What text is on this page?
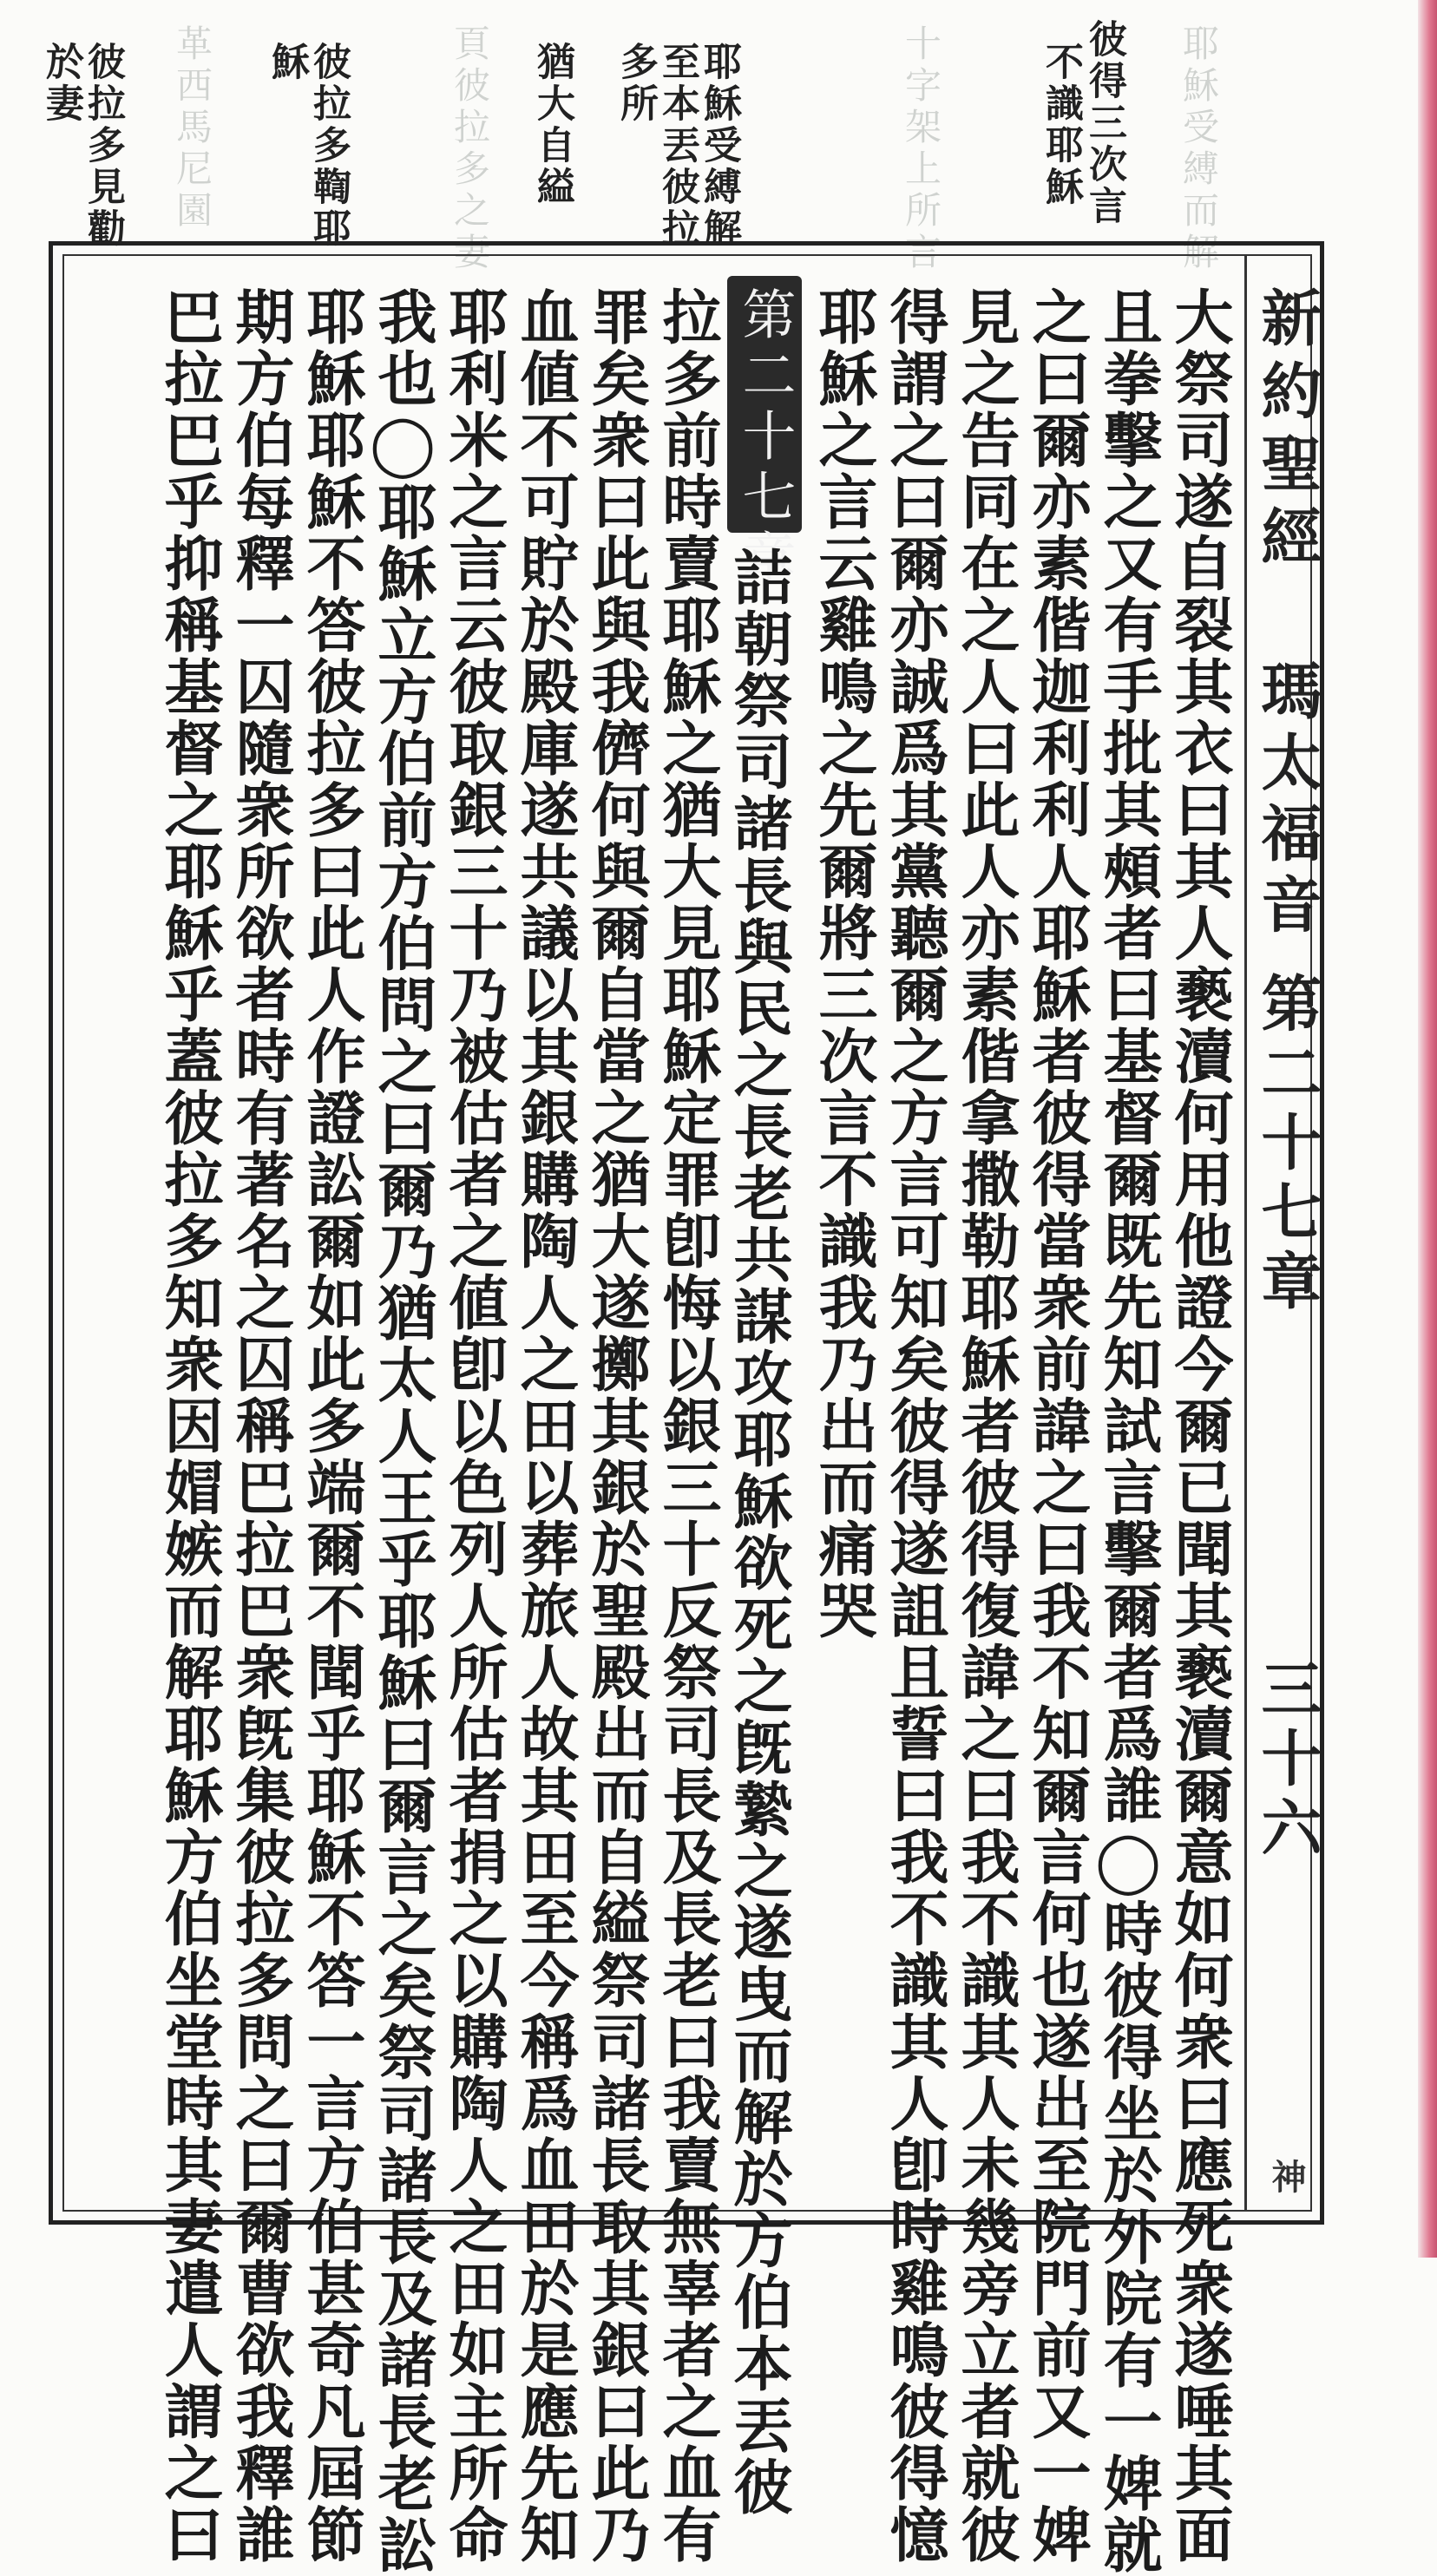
耶穌受縛而解
十字架上所言
頁彼拉多之妻
革西馬尼園	彼得三次言
不識耶穌
耶穌受縛解
至本丟彼拉
多所
猶大自縊
彼拉多鞫耶
穌
彼拉多見勸
於妻
新約聖經
瑪太福音
第二十七章
三十六
大祭司遂自裂其衣曰其人褻瀆何用他證今爾已聞其褻瀆爾意如何衆曰應死衆遂唾其面
且拳擊之又有手批其頰者曰基督爾既先知試言擊爾者爲誰◯時彼得坐於外院有一婢就
之曰爾亦素偕迦利利人耶穌者彼得當衆前諱之曰我不知爾言何也遂出至院門前又一婢
見之告同在之人曰此人亦素偕拿撒勒耶穌者彼得復諱之曰我不識其人未幾旁立者就彼
得謂之曰爾亦誠爲其黨聽爾之方言可知矣彼得遂詛且誓曰我不識其人卽時雞鳴彼得憶
耶穌之言云雞鳴之先爾將三次言不識我乃出而痛哭
第二十七章
詰朝祭司諸長與民之長老共謀攻耶穌欲死之旣縶之遂曳而解於方伯本丟彼
拉多前時賣耶穌之猶大見耶穌定罪卽悔以銀三十反祭司長及長老曰我賣無辜者之血有
罪矣衆曰此與我儕何與爾自當之猶大遂擲其銀於聖殿出而自縊祭司諸長取其銀曰此乃
血値不可貯於殿庫遂共議以其銀購陶人之田以葬旅人故其田至今稱爲血田於是應先知
耶利米之言云彼取銀三十乃被估者之値卽以色列人所估者捐之以購陶人之田如主所命
我也◯耶穌立方伯前方伯問之曰爾乃猶太人王乎耶穌曰爾言之矣祭司諸長及諸長老訟
耶穌耶穌不答彼拉多曰此人作證訟爾如此多端爾不聞乎耶穌不答一言方伯甚奇凡屆節
期方伯每釋一囚隨衆所欲者時有著名之囚稱巴拉巴衆旣集彼拉多問之曰爾曹欲我釋誰
巴拉巴乎抑稱基督之耶穌乎蓋彼拉多知衆因媢嫉而解耶穌方伯坐堂時其妻遣人謂之曰	神
